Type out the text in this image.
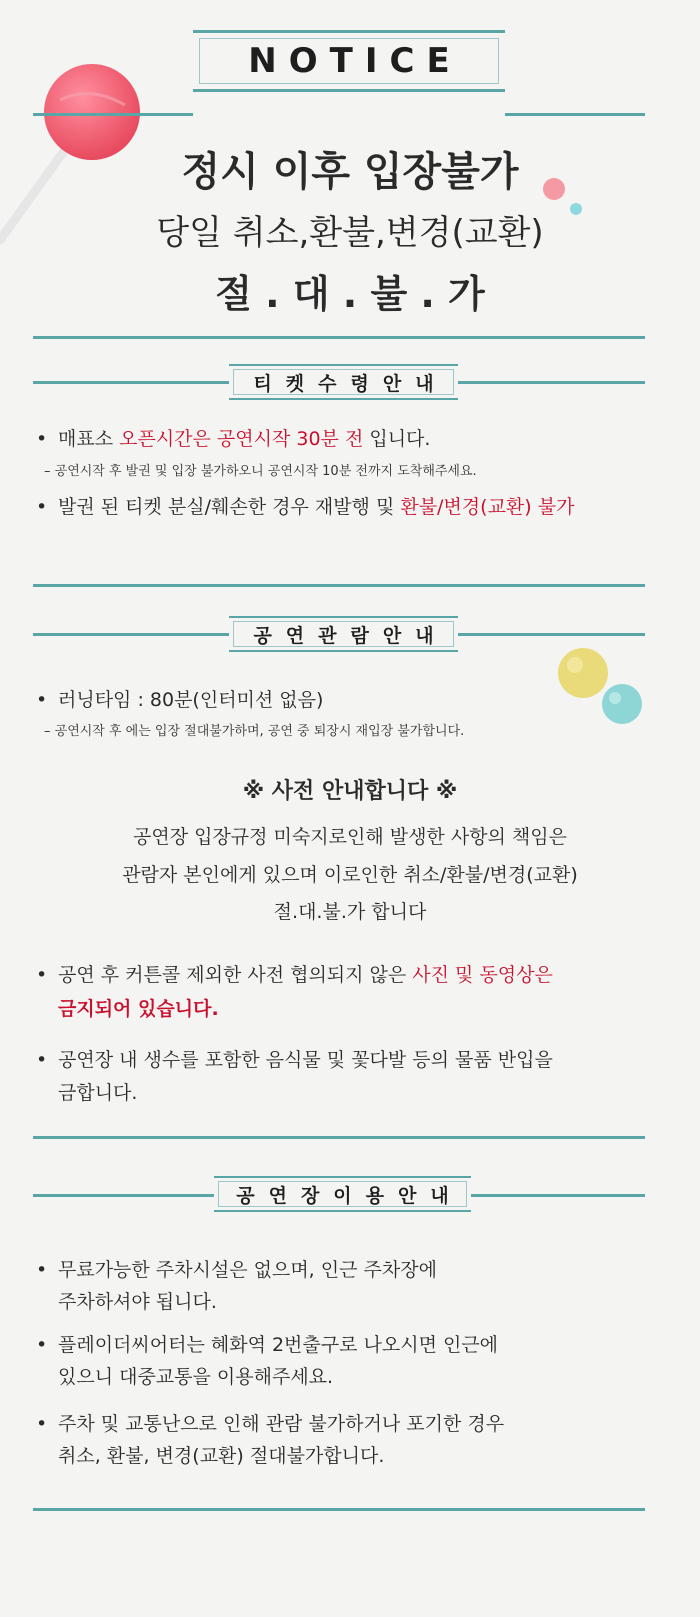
NOTICE
정시 이후 입장불가
당일 취소,환불,변경(교환)
절 . 대 . 불 . 가
티켓수령안내
• 매표소 오픈시간은 공연시작 30분 전 입니다.
– 공연시작 후 발권 및 입장 불가하오니 공연시작 10분 전까지 도착해주세요.
• 발권 된 티켓 분실/훼손한 경우 재발행 및 환불/변경(교환) 불가
공연관람안내
• 러닝타임 : 80분(인터미션 없음)
– 공연시작 후 에는 입장 절대불가하며, 공연 중 퇴장시 재입장 불가합니다.
※ 사전 안내합니다 ※
공연장 입장규정 미숙지로인해 발생한 사항의 책임은
관람자 본인에게 있으며 이로인한 취소/환불/변경(교환)
절.대.불.가 합니다
• 공연 후 커튼콜 제외한 사전 협의되지 않은 사진 및 동영상은
금지되어 있습니다.
• 공연장 내 생수를 포함한 음식물 및 꽃다발 등의 물품 반입을
금합니다.
공연장이용안내
• 무료가능한 주차시설은 없으며, 인근 주차장에
주차하셔야 됩니다.
• 플레이더씨어터는 혜화역 2번출구로 나오시면 인근에
있으니 대중교통을 이용해주세요.
• 주차 및 교통난으로 인해 관람 불가하거나 포기한 경우
취소, 환불, 변경(교환) 절대불가합니다.
